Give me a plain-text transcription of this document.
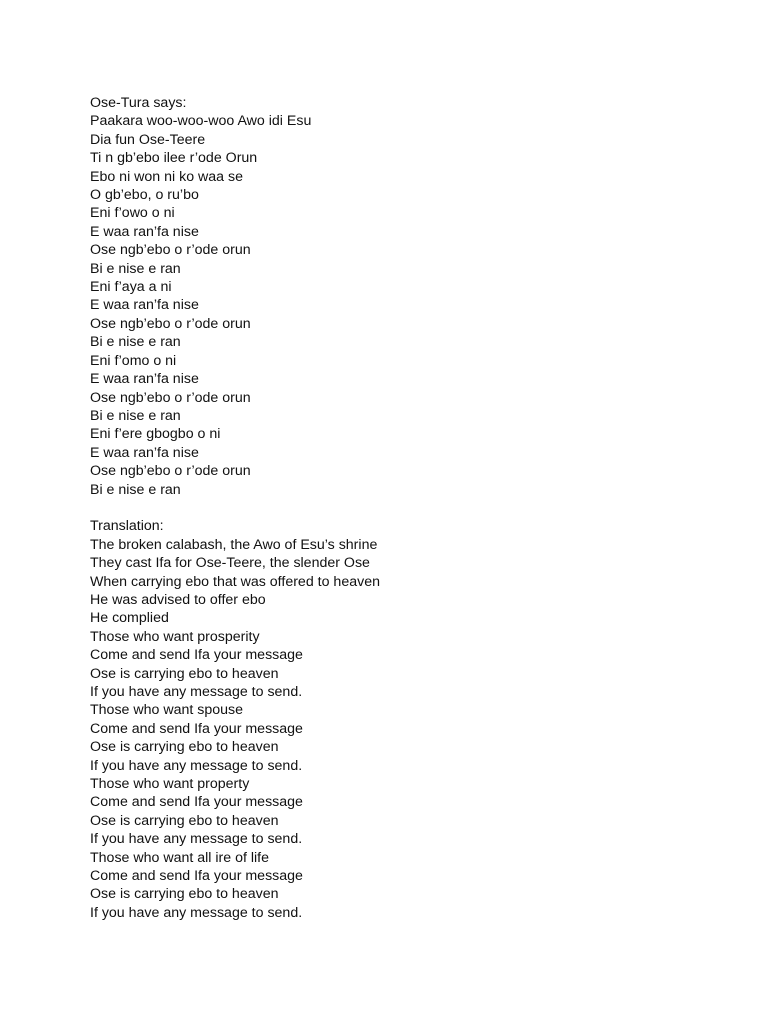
Ose-Tura says:
Paakara woo-woo-woo Awo idi Esu
Dia fun Ose-Teere
Ti n gb’ebo ilee r’ode Orun
Ebo ni won ni ko waa se
O gb’ebo, o ru’bo
Eni f’owo o ni
E waa ran’fa nise
Ose ngb’ebo o r’ode orun
Bi e nise e ran
Eni f’aya a ni
E waa ran’fa nise
Ose ngb’ebo o r’ode orun
Bi e nise e ran
Eni f’omo o ni
E waa ran’fa nise
Ose ngb’ebo o r’ode orun
Bi e nise e ran
Eni f’ere gbogbo o ni
E waa ran’fa nise
Ose ngb’ebo o r’ode orun
Bi e nise e ran
Translation:
The broken calabash, the Awo of Esu’s shrine
They cast Ifa for Ose-Teere, the slender Ose
When carrying ebo that was offered to heaven
He was advised to offer ebo
He complied
Those who want prosperity
Come and send Ifa your message
Ose is carrying ebo to heaven
If you have any message to send.
Those who want spouse
Come and send Ifa your message
Ose is carrying ebo to heaven
If you have any message to send.
Those who want property
Come and send Ifa your message
Ose is carrying ebo to heaven
If you have any message to send.
Those who want all ire of life
Come and send Ifa your message
Ose is carrying ebo to heaven
If you have any message to send.
